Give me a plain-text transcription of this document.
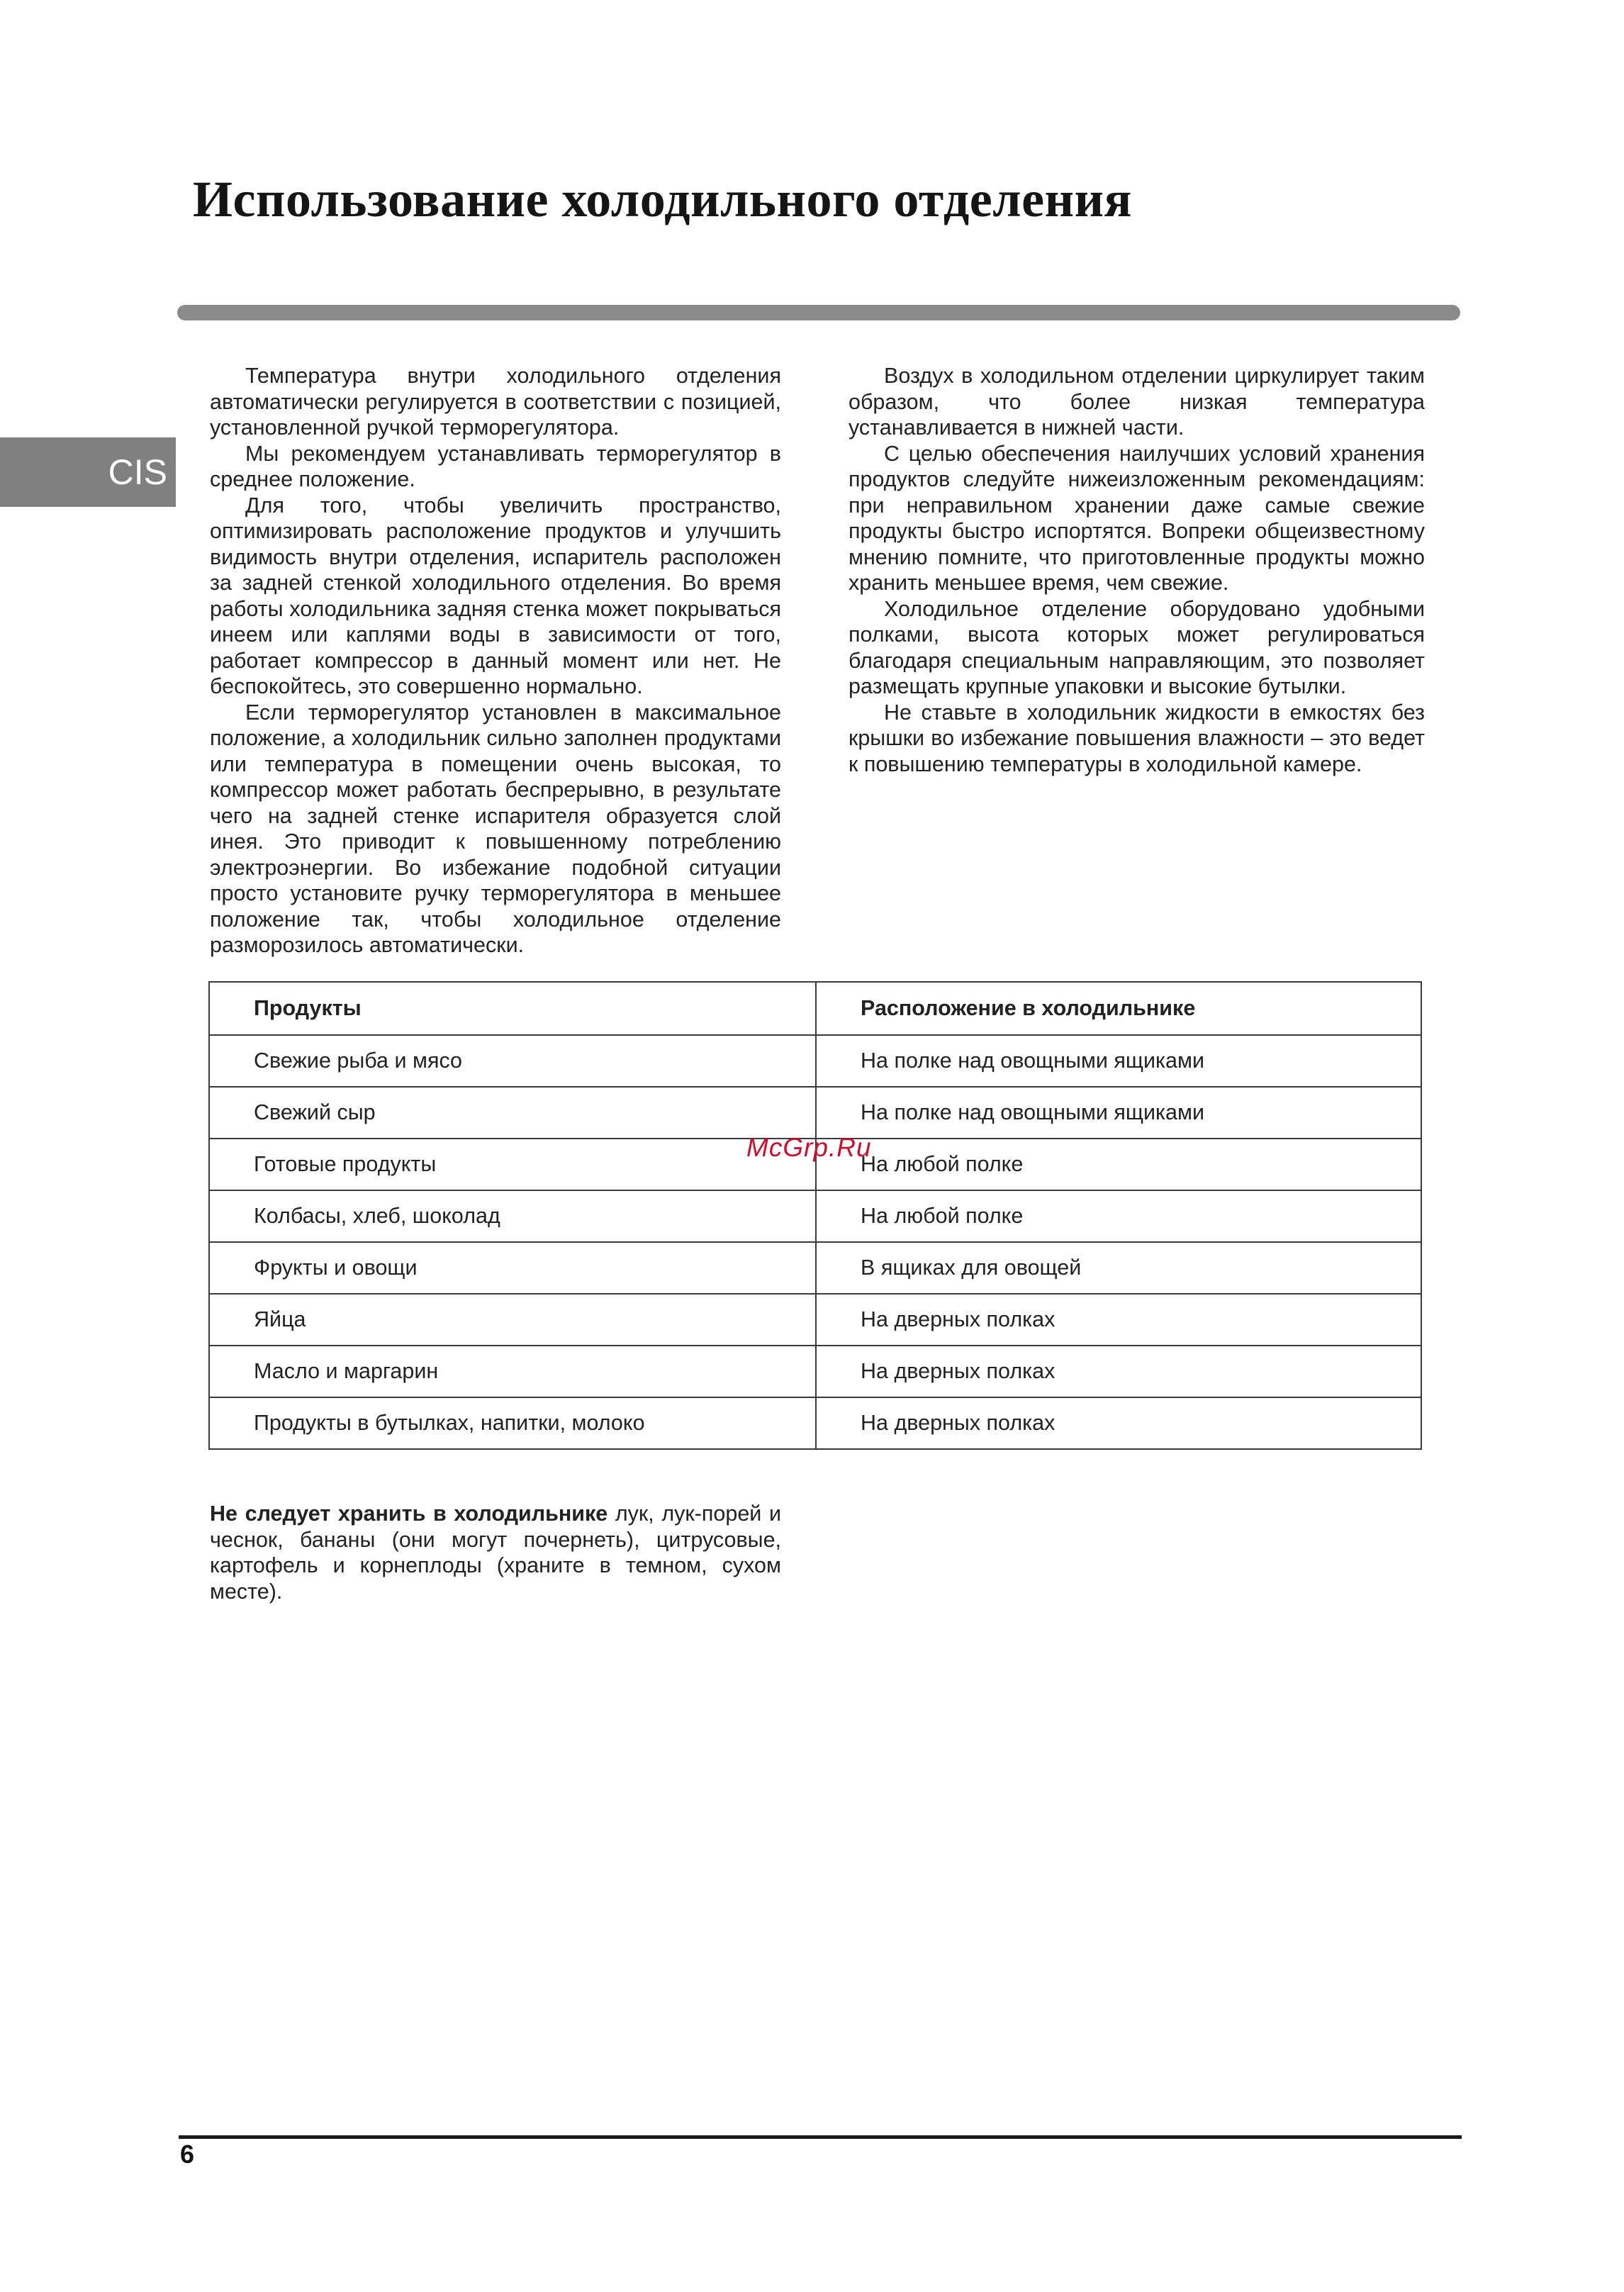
Использование холодильного отделения
CIS

Температура внутри холодильного отделения автоматически регулируется в соответствии с позицией, установленной ручкой терморегулятора.

Мы рекомендуем устанавливать терморегулятор в среднее положение.

Для того, чтобы увеличить пространство, оптимизировать расположение продуктов и улучшить видимость внутри отделения, испаритель расположен за задней стенкой холодильного отделения. Во время работы холодильника задняя стенка может покрываться инеем или каплями воды в зависимости от того, работает компрессор в данный момент или нет. Не беспокойтесь, это совершенно нормально.

Если терморегулятор установлен в максимальное положение, а холодильник сильно заполнен продуктами или температура в помещении очень высокая, то компрессор может работать беспрерывно, в результате чего на задней стенке испарителя образуется слой инея. Это приводит к повышенному потреблению электроэнергии. Во избежание подобной ситуации просто установите ручку терморегулятора в меньшее положение так, чтобы холодильное отделение разморозилось автоматически.

Воздух в холодильном отделении циркулирует таким образом, что более низкая температура устанавливается в нижней части.

С целью обеспечения наилучших условий хранения продуктов следуйте нижеизложенным рекомендациям: при неправильном хранении даже самые свежие продукты быстро испортятся. Вопреки общеизвестному мнению помните, что приготовленные продукты можно хранить меньшее время, чем свежие.

Холодильное отделение оборудовано удобными полками, высота которых может регулироваться благодаря специальным направляющим, это позволяет размещать крупные упаковки и высокие бутылки.

Не ставьте в холодильник жидкости в емкостях без крышки во избежание повышения влажности – это ведет к повышению температуры в холодильной камере.

Продукты	Расположение в холодильнике
Свежие рыба и мясо	На полке над овощными ящиками
Свежий сыр	На полке над овощными ящиками
Готовые продукты	На любой полке
Колбасы, хлеб, шоколад	На любой полке
Фрукты и овощи	В ящиках для овощей
Яйца	На дверных полках
Масло и маргарин	На дверных полках
Продукты в бутылках, напитки, молоко	На дверных полках
McGrp.Ru
Не следует хранить в холодильнике лук, лук-порей и чеснок, бананы (они могут почернеть), цитрусовые, картофель и корнеплоды (храните в темном, сухом месте).
6
